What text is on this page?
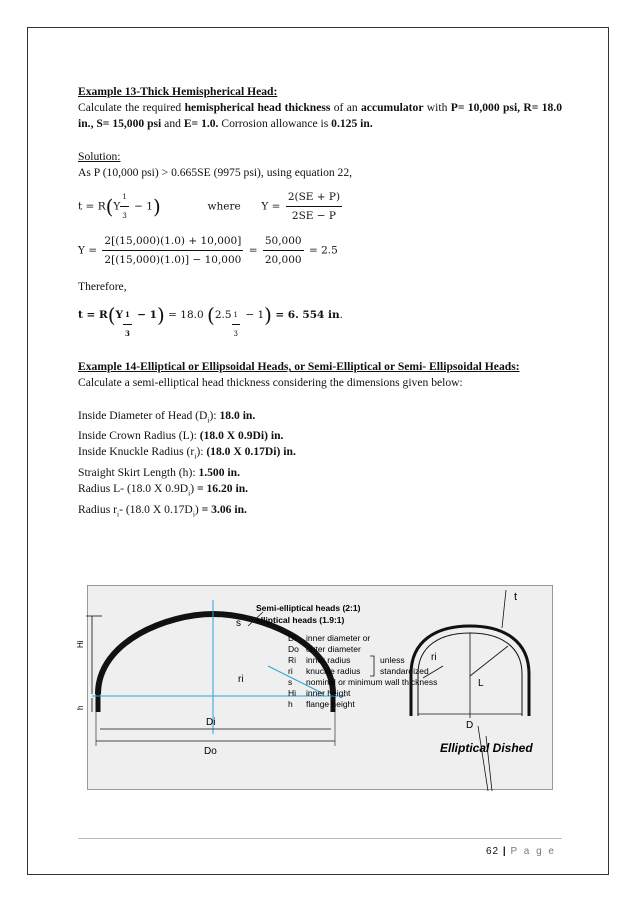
Example 13-Thick Hemispherical Head:

Calculate the required hemispherical head thickness of an accumulator with P= 10,000 psi, R= 18.0 in., S= 15,000 psi and E= 1.0. Corrosion allowance is 0.125 in.

Solution:

As P (10,000 psi) > 0.665SE (9975 psi), using equation 22,

$t = R(Y \frac{1}{3} - 1)$	where $Y = \frac{2(SE + P)}{2SE - P}$
$Y = \frac{2[(15,000)(1.0) + 10,000]}{2[(15,000)(1.0)] - 10,000} = \frac{50,000}{20,000} = 2.5$

Therefore,

$t = R(Y \frac{1}{3} - 1) = 18.0$ $(2.5 \frac{1}{3} - 1) = 6$. 554 in.

Example 14-Elliptical or Ellipsoidal Heads, or Semi-Elliptical or Semi- Ellipsoidal Heads:

Calculate a semi-elliptical head thickness considering the dimensions given below:

Inside Diameter of Head $(D_i)$: 18.0 in.

Inside Crown Radius (L): (18.0 X 0.9Di) in.

Inside Knuckle Radius $(r_i)$: (18.0 X 0.17Di) in.

Straight Skirt Length (h): 1.500 in.

Radius L- (18.0 X $0.9D_i) = 16.20$ in.

Radius $r_i-$ (18.0 X $0.17D_i) = 3.06$ in.

s
ri
Hi
h
Di
Do
Semi-elliptical heads (2:1)
elliptical heads (1.9:1)
Di inner diameter or
Do outer diameter
Ri inner radius
ri knuckle radius
s nominal or minimum wall thickness
Hi inner height
h flange height
unless
standardized
t
ri
L
D
Elliptical Dished
62 | P a g e
